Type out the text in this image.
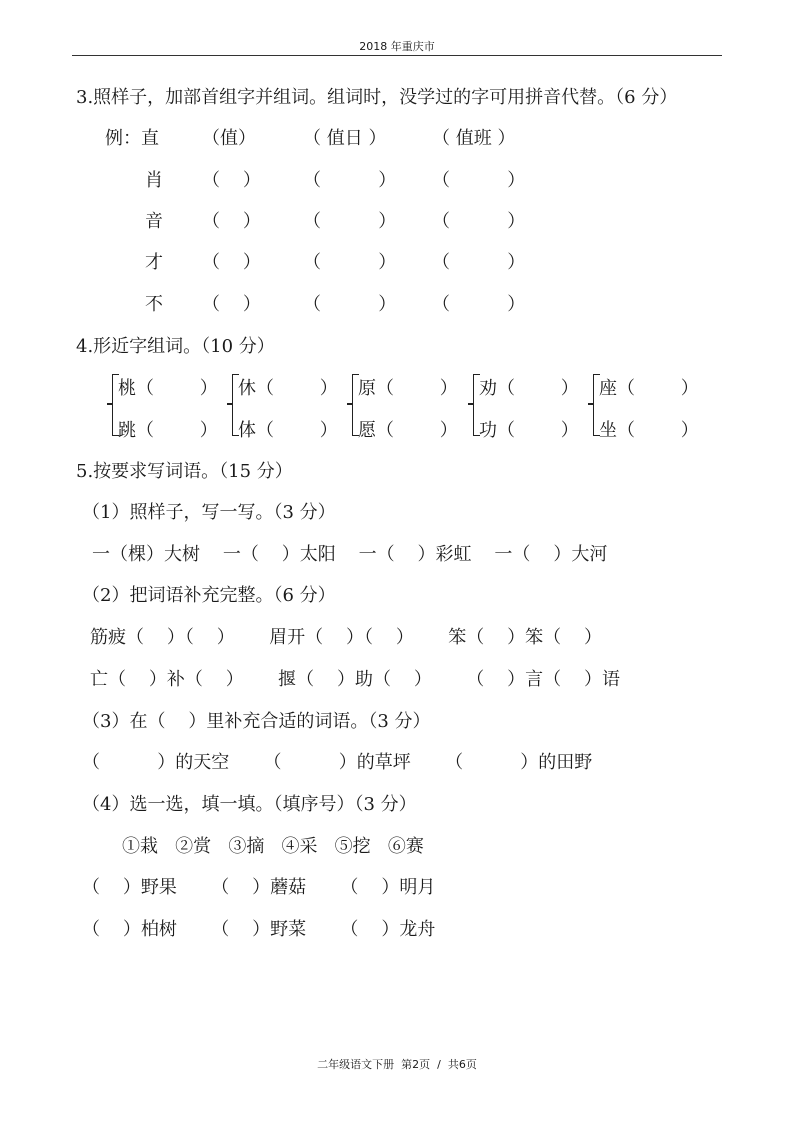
2018 年重庆市
3.照样子，加部首组字并组词。组词时，没学过的字可用拼音代替。（6 分）
例：直 （值）	（ 值日 ）	（ 值班 ）
肖 （    ） （          ） （          ）
音 （    ） （          ） （          ）
才 （    ） （          ） （          ）
不 （    ） （          ） （          ）
4.形近字组词。（10 分）
桃（        ）
跳（        ）
休（        ）
体（        ）
原（        ）
愿（        ）
劝（        ）
功（        ）
座（        ）
坐（        ）
5.按要求写词语。（15 分）
（1）照样子，写一写。（3 分）
一（棵）大树    一（    ）太阳    一（    ）彩虹    一（    ）大河
（2）把词语补充完整。（6 分）
筋疲（    ）（    ）      眉开（    ）（    ）      笨（    ）笨（    ）
亡（    ）补（    ）      揠（    ）助（    ）      （    ）言（    ）语
（3）在（    ）里补充合适的词语。（3 分）
（          ）的天空      （          ）的草坪      （          ）的田野
（4）选一选，填一填。（填序号）（3 分）
①栽   ②赏   ③摘   ④采   ⑤挖   ⑥赛
（    ）野果      （    ）蘑菇      （    ）明月
（    ）柏树      （    ）野菜      （    ）龙舟
二年级语文下册  第2页  /  共6页
